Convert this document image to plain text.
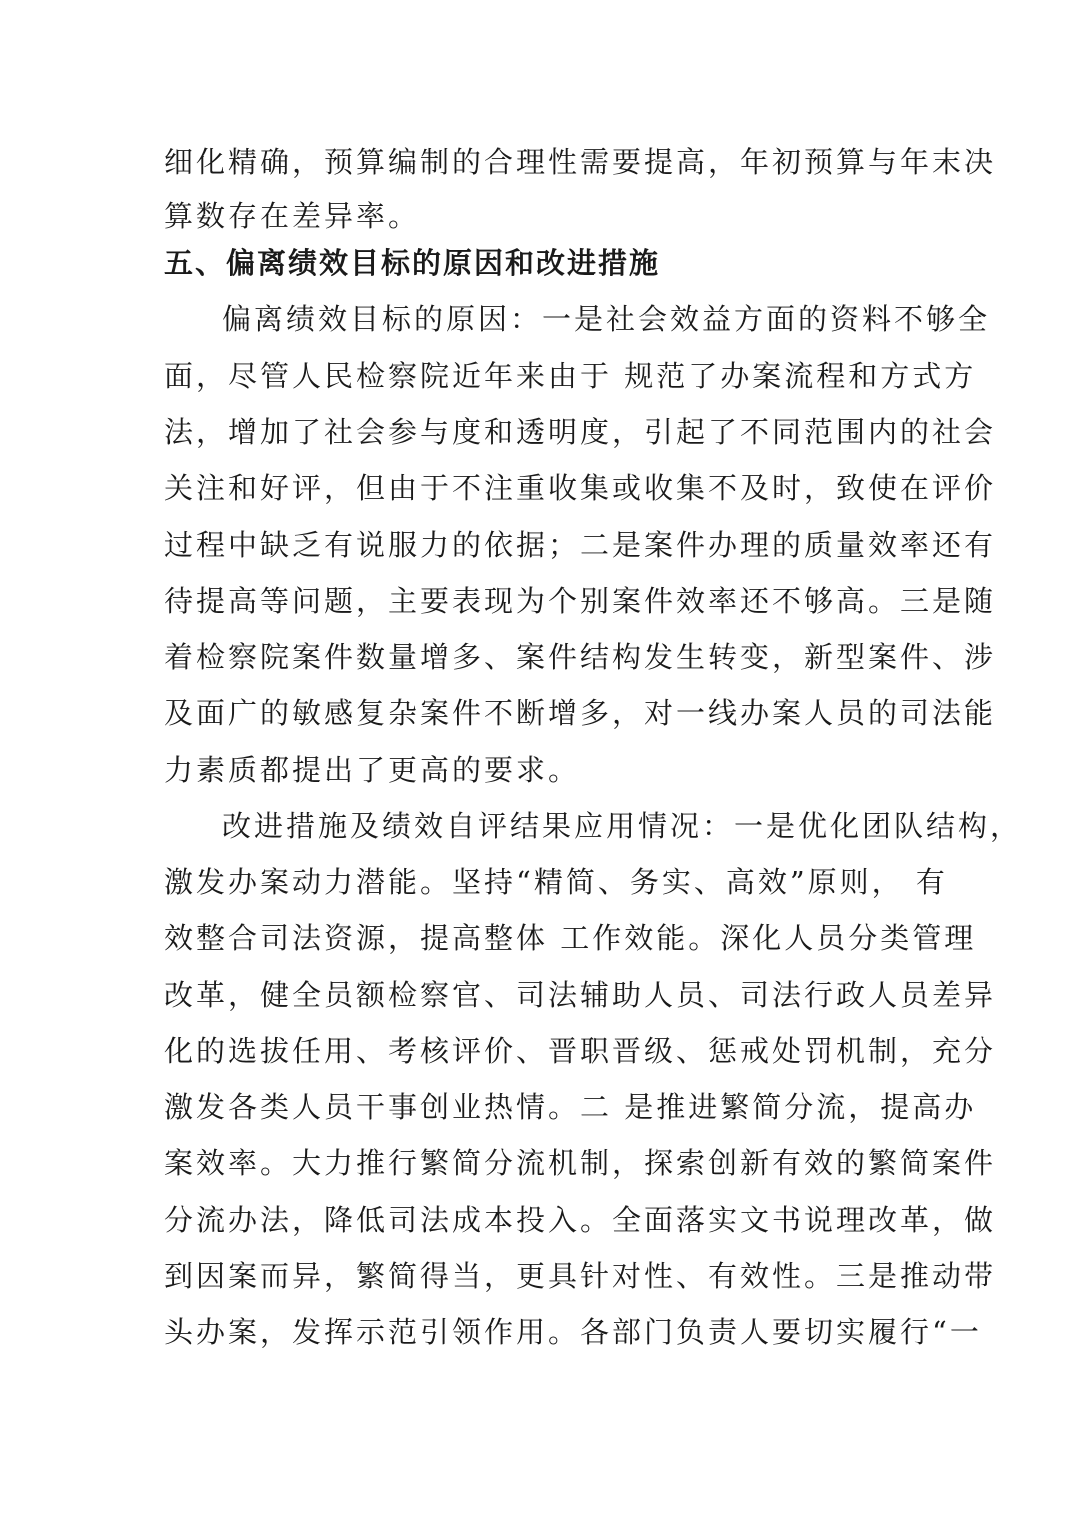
细化精确，预算编制的合理性需要提高，年初预算与年末决
算数存在差异率。
五、偏离绩效目标的原因和改进措施
偏离绩效目标的原因：一是社会效益方面的资料不够全
面，尽管人民检察院近年来由于 规范了办案流程和方式方
法，增加了社会参与度和透明度，引起了不同范围内的社会
关注和好评，但由于不注重收集或收集不及时，致使在评价
过程中缺乏有说服力的依据；二是案件办理的质量效率还有
待提高等问题，主要表现为个别案件效率还不够高。三是随
着检察院案件数量增多、案件结构发生转变，新型案件、涉
及面广的敏感复杂案件不断增多，对一线办案人员的司法能
力素质都提出了更高的要求。
改进措施及绩效自评结果应用情况：一是优化团队结构，
激发办案动力潜能。坚持“精简、务实、高效”原则， 有
效整合司法资源，提高整体 工作效能。深化人员分类管理
改革，健全员额检察官、司法辅助人员、司法行政人员差异
化的选拔任用、考核评价、晋职晋级、惩戒处罚机制，充分
激发各类人员干事创业热情。二 是推进繁简分流，提高办
案效率。大力推行繁简分流机制，探索创新有效的繁简案件
分流办法，降低司法成本投入。全面落实文书说理改革，做
到因案而异，繁简得当，更具针对性、有效性。三是推动带
头办案，发挥示范引领作用。各部门负责人要切实履行“一
